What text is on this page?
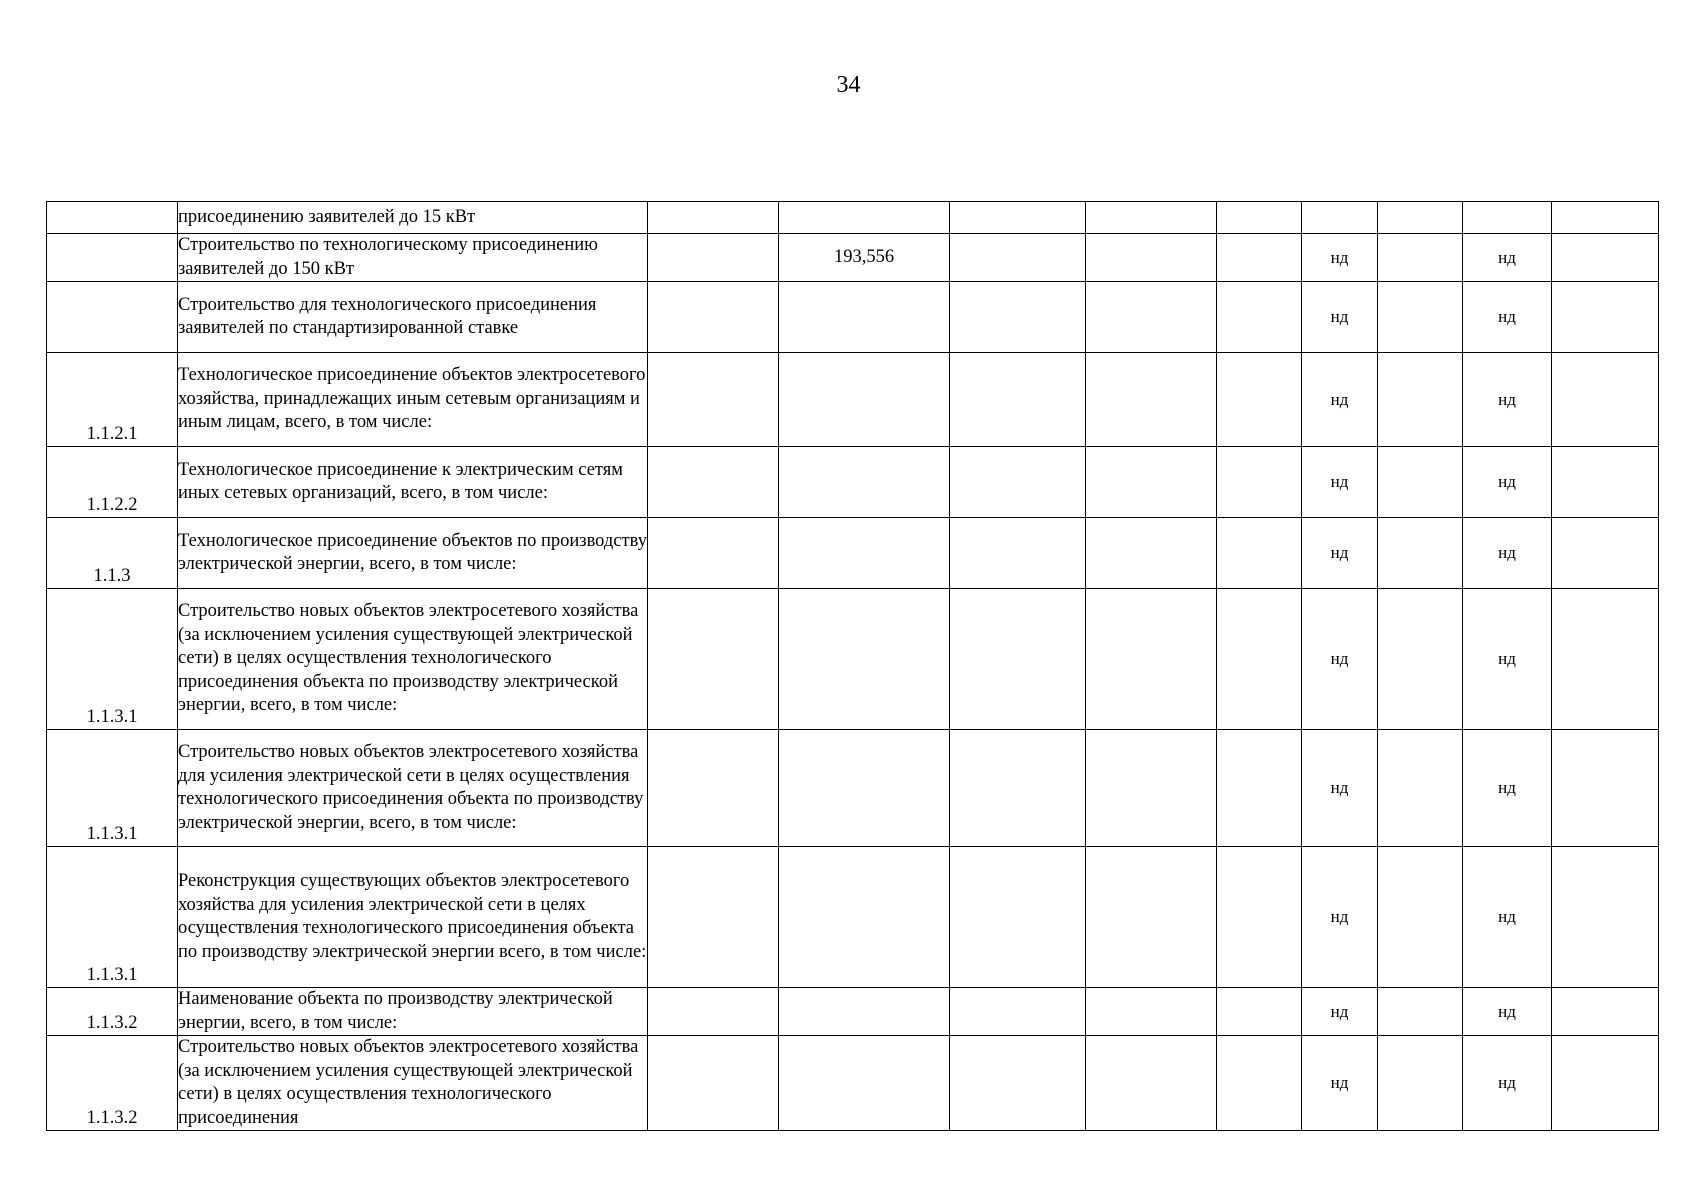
34
	присоединению заявителей до 15 кВт									
	Строительство по технологическому присоединению заявителей до 150 кВт		193,556				нд		нд	
	Строительство для технологического присоединения заявителей по стандартизированной ставке						нд		нд	
1.1.2.1	Технологическое присоединение объектов электросетевого хозяйства, принадлежащих иным сетевым организациям и иным лицам, всего, в том числе:						нд		нд	
1.1.2.2	Технологическое присоединение к электрическим сетям иных сетевых организаций, всего, в том числе:						нд		нд	
1.1.3	Технологическое присоединение объектов по производству электрической энергии, всего, в том числе:						нд		нд	
1.1.3.1	Строительство новых объектов электросетевого хозяйства (за исключением усиления существующей электрической сети) в целях осуществления технологического присоединения объекта по производству электрической энергии, всего, в том числе:						нд		нд	
1.1.3.1	Строительство новых объектов электросетевого хозяйства для усиления электрической сети в целях осуществления технологического присоединения объекта по производству электрической энергии, всего, в том числе:						нд		нд	
1.1.3.1	Реконструкция существующих объектов электросетевого хозяйства для усиления электрической сети в целях осуществления технологического присоединения объекта по производству электрической энергии всего, в том числе:						нд		нд	
1.1.3.2	Наименование объекта по производству электрической энергии, всего, в том числе:						нд		нд	
1.1.3.2	Строительство новых объектов электросетевого хозяйства (за исключением усиления существующей электрической сети) в целях осуществления технологического присоединения						нд		нд	
